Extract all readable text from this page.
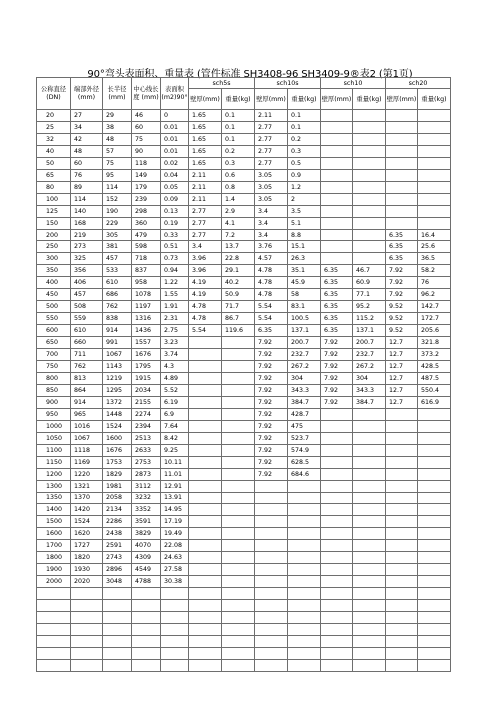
90°弯头表面积、重量表 (管件标准 SH3408-96 SH3409-9®表2 (第1页)
公称直径 (DN)	端部外径 (mm)	长半径 (mm)	中心线长度 (mm)	表面积 (m2)90°	sch5s		sch10s		sch10		sch20	
					壁厚(mm)	重量(kg)	壁厚(mm)	重量(kg)	壁厚(mm)	重量(kg)	壁厚(mm)	重量(kg)
20	27	29	46	0	1.65	0.1	2.11	0.1				
25	34	38	60	0.01	1.65	0.1	2.77	0.1				
32	42	48	75	0.01	1.65	0.1	2.77	0.2				
40	48	57	90	0.01	1.65	0.2	2.77	0.3				
50	60	75	118	0.02	1.65	0.3	2.77	0.5				
65	76	95	149	0.04	2.11	0.6	3.05	0.9				
80	89	114	179	0.05	2.11	0.8	3.05	1.2				
100	114	152	239	0.09	2.11	1.4	3.05	2				
125	140	190	298	0.13	2.77	2.9	3.4	3.5				
150	168	229	360	0.19	2.77	4.1	3.4	5.1				
200	219	305	479	0.33	2.77	7.2	3.4	8.8			6.35	16.4
250	273	381	598	0.51	3.4	13.7	3.76	15.1			6.35	25.6
300	325	457	718	0.73	3.96	22.8	4.57	26.3			6.35	36.5
350	356	533	837	0.94	3.96	29.1	4.78	35.1	6.35	46.7	7.92	58.2
400	406	610	958	1.22	4.19	40.2	4.78	45.9	6.35	60.9	7.92	76
450	457	686	1078	1.55	4.19	50.9	4.78	58	6.35	77.1	7.92	96.2
500	508	762	1197	1.91	4.78	71.7	5.54	83.1	6.35	95.2	9.52	142.7
550	559	838	1316	2.31	4.78	86.7	5.54	100.5	6.35	115.2	9.52	172.7
600	610	914	1436	2.75	5.54	119.6	6.35	137.1	6.35	137.1	9.52	205.6
650	660	991	1557	3.23			7.92	200.7	7.92	200.7	12.7	321.8
700	711	1067	1676	3.74			7.92	232.7	7.92	232.7	12.7	373.2
750	762	1143	1795	4.3			7.92	267.2	7.92	267.2	12.7	428.5
800	813	1219	1915	4.89			7.92	304	7.92	304	12.7	487.5
850	864	1295	2034	5.52			7.92	343.3	7.92	343.3	12.7	550.4
900	914	1372	2155	6.19			7.92	384.7	7.92	384.7	12.7	616.9
950	965	1448	2274	6.9			7.92	428.7				
1000	1016	1524	2394	7.64			7.92	475				
1050	1067	1600	2513	8.42			7.92	523.7				
1100	1118	1676	2633	9.25			7.92	574.9				
1150	1169	1753	2753	10.11			7.92	628.5				
1200	1220	1829	2873	11.01			7.92	684.6				
1300	1321	1981	3112	12.91								
1350	1370	2058	3232	13.91								
1400	1420	2134	3352	14.95								
1500	1524	2286	3591	17.19								
1600	1620	2438	3829	19.49								
1700	1727	2591	4070	22.08								
1800	1820	2743	4309	24.63								
1900	1930	2896	4549	27.58								
2000	2020	3048	4788	30.38								
